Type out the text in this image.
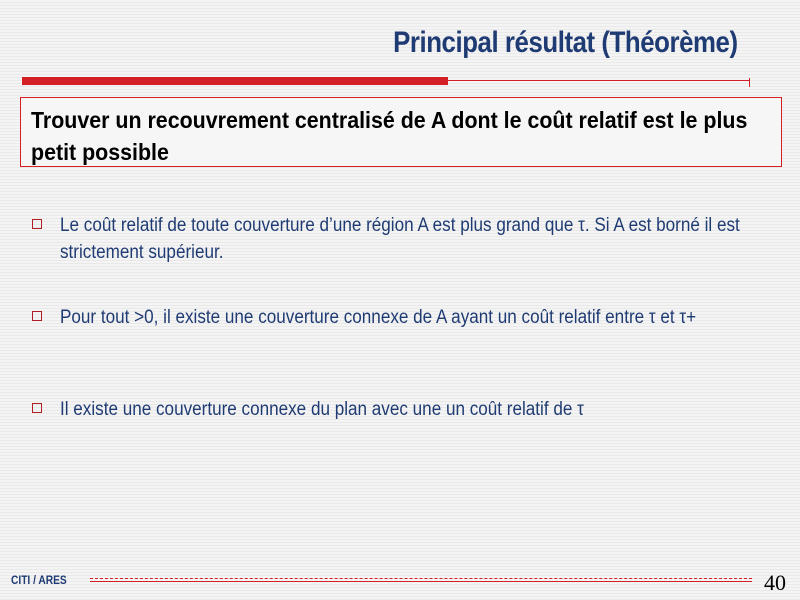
Principal résultat (Théorème)
Trouver un recouvrement centralisé de A dont le coût relatif est le plus petit possible
Le coût relatif de toute couverture d’une région A est plus grand que τ. Si A est borné il est strictement supérieur.
Pour tout >0, il existe une couverture connexe de A ayant un coût relatif entre τ et τ+
Il existe une couverture connexe du plan avec une un coût relatif de τ
CITI / ARES	40
